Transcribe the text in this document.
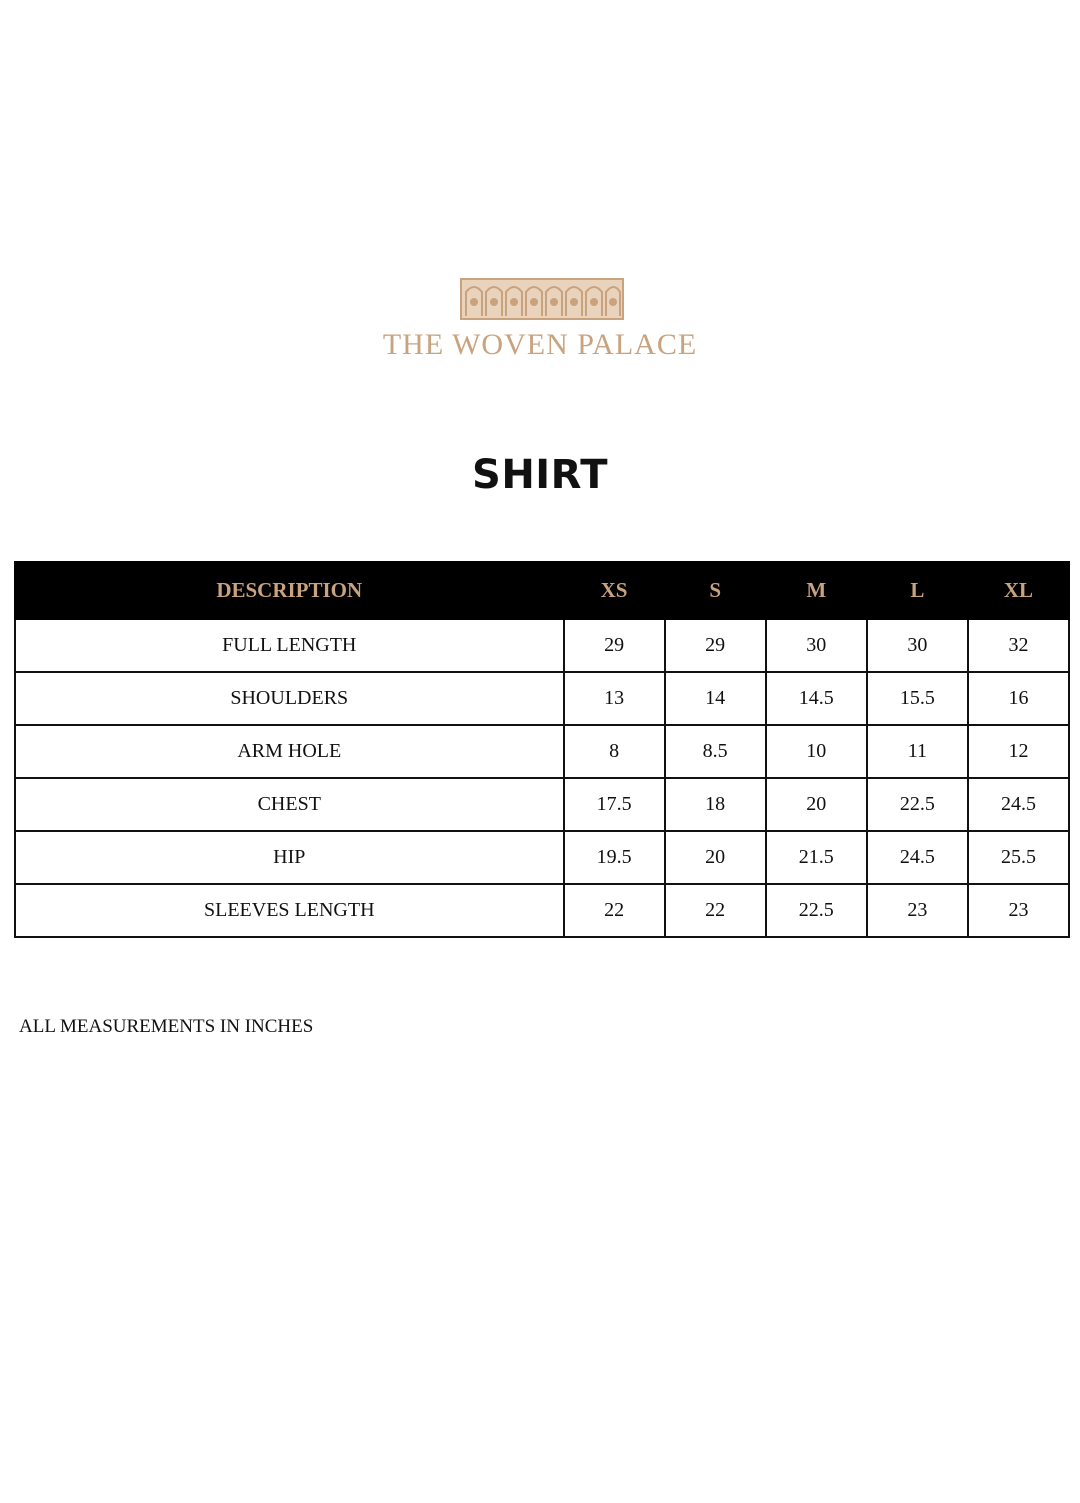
THE WOVEN PALACE
SHIRT
DESCRIPTION	XS	S	M	L	XL
FULL LENGTH	29	29	30	30	32
SHOULDERS	13	14	14.5	15.5	16
ARM HOLE	8	8.5	10	11	12
CHEST	17.5	18	20	22.5	24.5
HIP	19.5	20	21.5	24.5	25.5
SLEEVES LENGTH	22	22	22.5	23	23
ALL MEASUREMENTS IN INCHES
